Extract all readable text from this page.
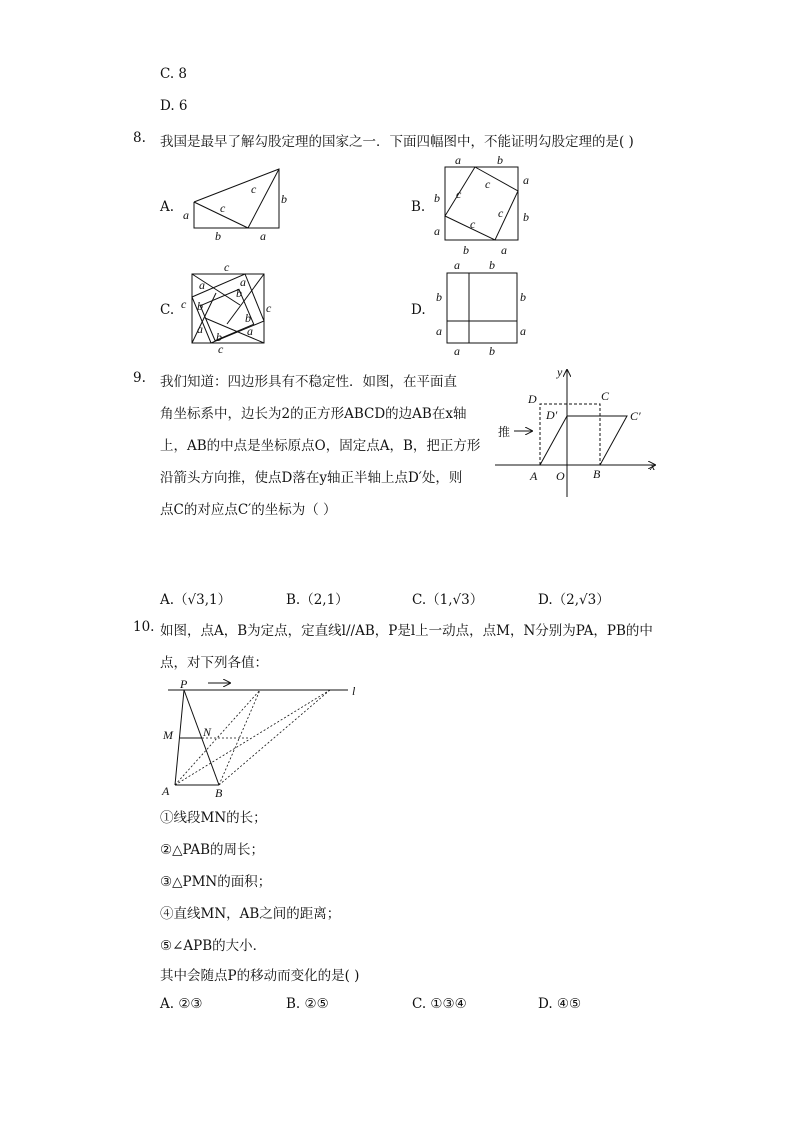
C. 8
D. 6
8. 我国是最早了解勾股定理的国家之一．下面四幅图中，不能证明勾股定理的是( )
A.	c
c
b
a
b	a
B.
a	b
a
b
b	a
b
a
c
c
c
c
C.
c
c	c
c
a	a
b
b
a
b
b a
D.
a b
b	b
a	a
a b
9. 我们知道：四边形具有不稳定性．如图，在平面直
角坐标系中，边长为2的正方形ABCD的边AB在x轴
上，AB的中点是坐标原点O，固定点A，B，把正方形
沿箭头方向推，使点D落在y轴正半轴上点D′处，则
点C的对应点C′的坐标为（ ）
y
x
D	C
D′	C′
A O B
推
A.（√3,1）	B.（2,1）	C.（1,√3）	D.（2,√3）
10. 如图，点A，B为定点，定直线l//AB，P是l上一动点，点M，N分别为PA，PB的中
点，对下列各值：
P	l
M	N
A	B
①线段MN的长；
②△PAB的周长；
③△PMN的面积；
④直线MN，AB之间的距离；
⑤∠APB的大小．
其中会随点P的移动而变化的是( )
A. ②③	B. ②⑤	C. ①③④	D. ④⑤
